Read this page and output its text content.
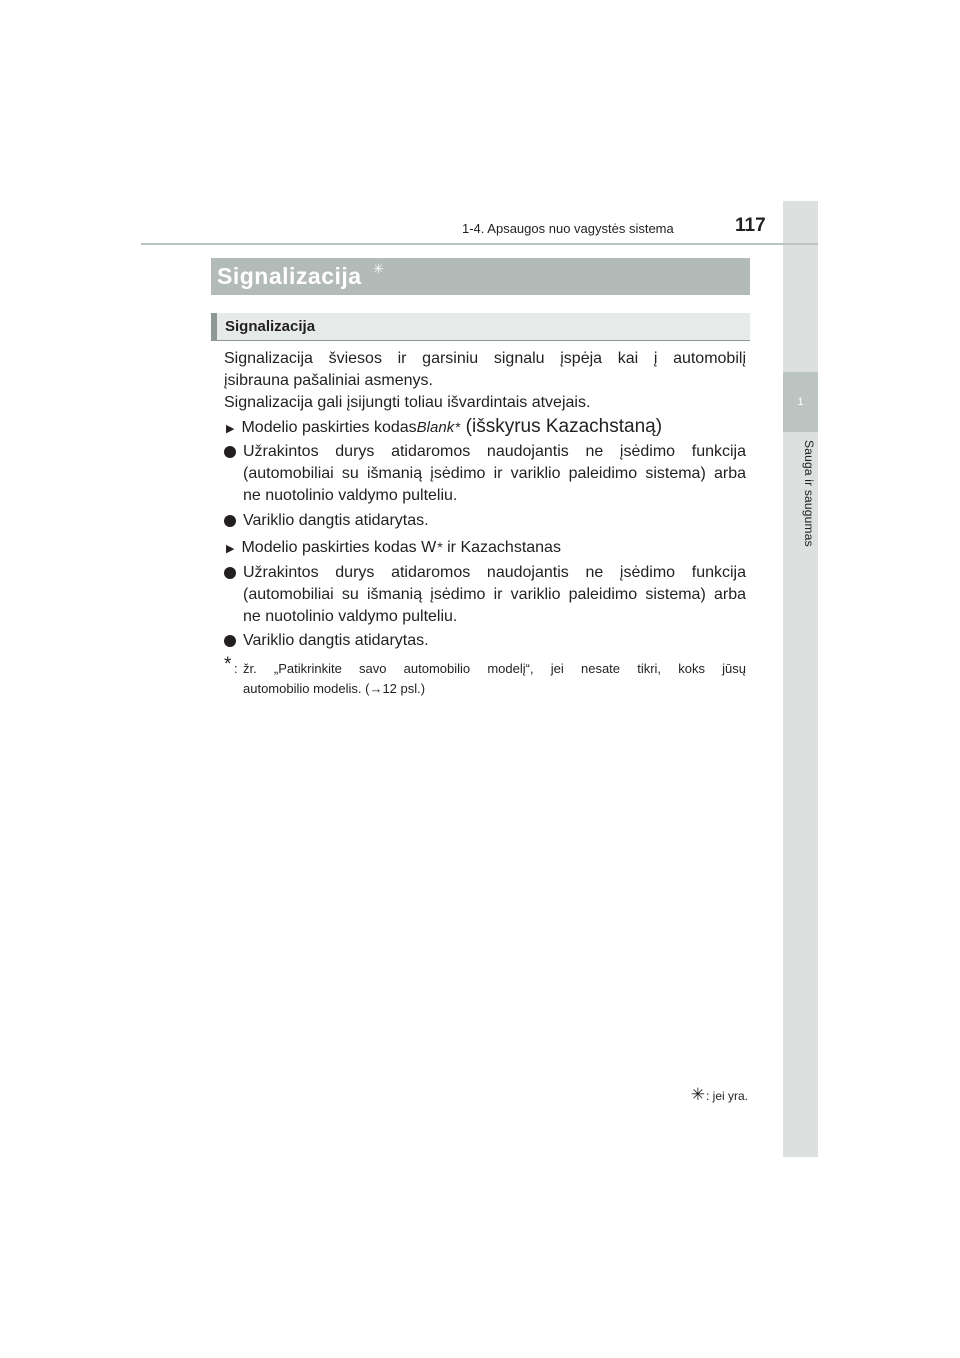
1
Sauga ir saugumas
1-4. Apsaugos nuo vagystės sistema	117
Signalizacija ✳
Signalizacija
Signalizacija šviesos ir garsiniu signalu įspėja kai į automobilį
įsibrauna pašaliniai asmenys.
Signalizacija gali įsijungti toliau išvardintais atvejais.
▶ Modelio paskirties kodas Blank * (išskyrus Kazachstaną)
Užrakintos durys atidaromos naudojantis ne įsėdimo funkcija
(automobiliai su išmanią įsėdimo ir variklio paleidimo sistema) arba
ne nuotolinio valdymo pulteliu.
Variklio dangtis atidarytas.
▶ Modelio paskirties kodas W * ir Kazachstanas
Užrakintos durys atidaromos naudojantis ne įsėdimo funkcija
(automobiliai su išmanią įsėdimo ir variklio paleidimo sistema) arba
ne nuotolinio valdymo pulteliu.
Variklio dangtis atidarytas.
* : žr. „Patikrinkite savo automobilio modelį“, jei nesate tikri, koks jūsų
automobilio modelis. (→12 psl.)
✳ : jei yra.
